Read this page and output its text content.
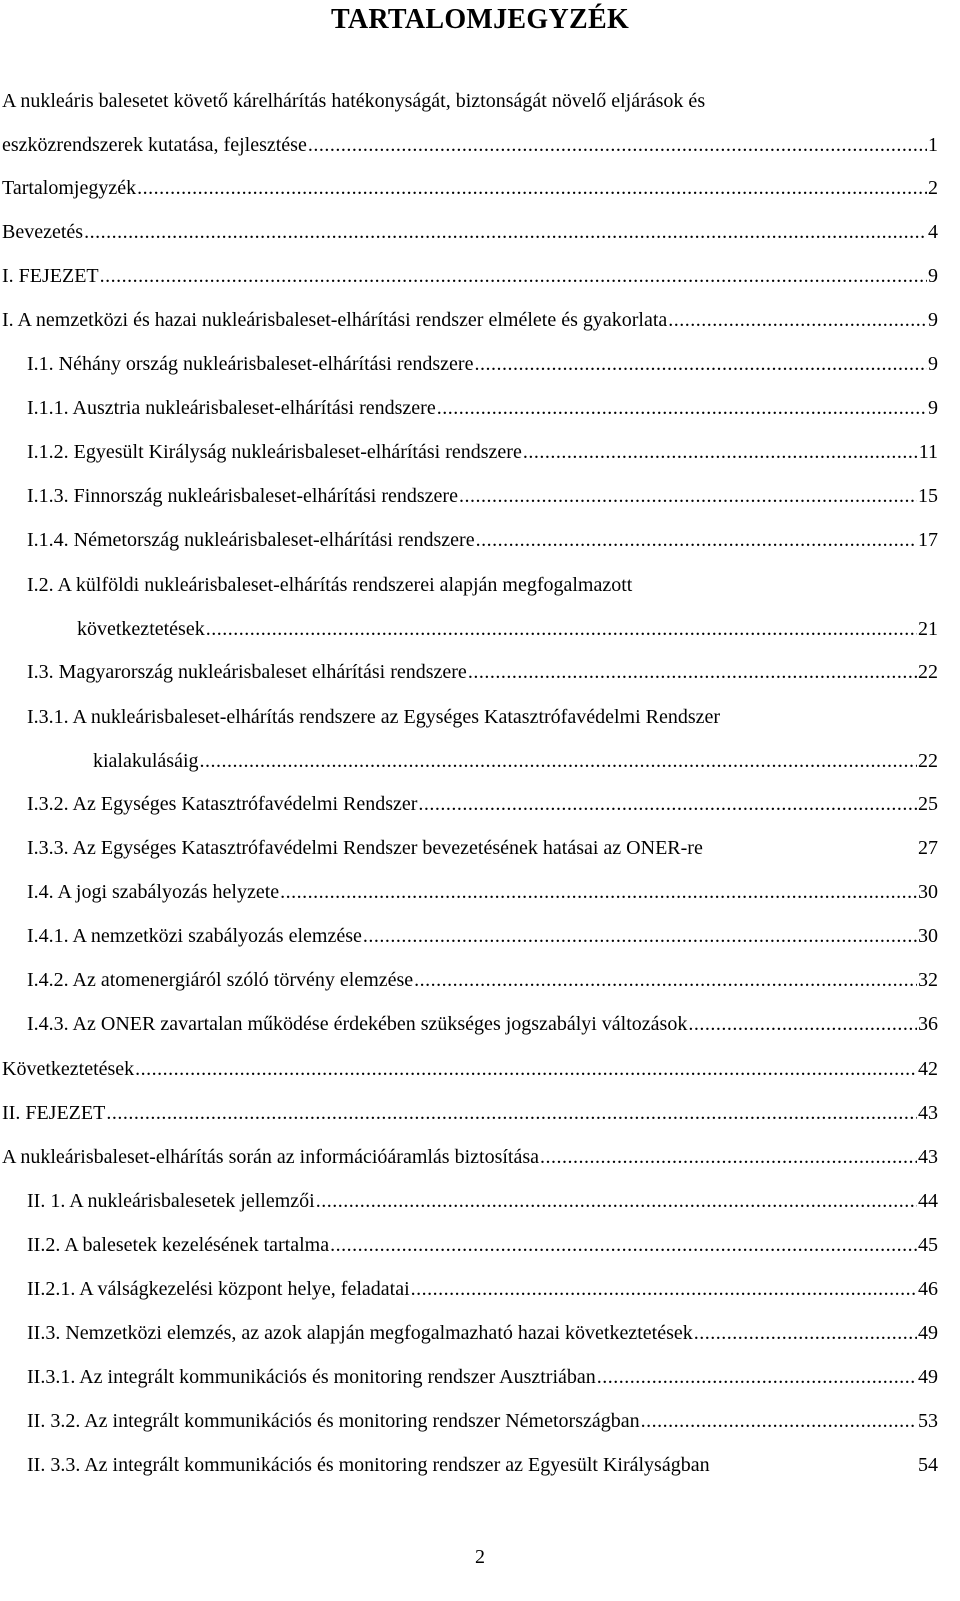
TARTALOMJEGYZÉK
A nukleáris balesetet követő kárelhárítás hatékonyságát, biztonságát növelő eljárások és
eszközrendszerek kutatása, fejlesztése .....	1
Tartalomjegyzék .....	2
Bevezetés .....	4
I. FEJEZET .....	9
I. A nemzetközi és hazai nukleárisbaleset-elhárítási rendszer elmélete és gyakorlata .....	9
I.1. Néhány ország nukleárisbaleset-elhárítási rendszere .....	9
I.1.1. Ausztria nukleárisbaleset-elhárítási rendszere .....	9
I.1.2. Egyesült Királyság nukleárisbaleset-elhárítási rendszere .....	11
I.1.3. Finnország nukleárisbaleset-elhárítási rendszere .....	15
I.1.4. Németország nukleárisbaleset-elhárítási rendszere .....	17
I.2. A külföldi nukleárisbaleset-elhárítás rendszerei alapján megfogalmazott
következtetések .....	21
I.3. Magyarország nukleárisbaleset elhárítási rendszere .....	22
I.3.1. A nukleárisbaleset-elhárítás rendszere az Egységes Katasztrófavédelmi Rendszer
kialakulásáig .....	22
I.3.2. Az Egységes Katasztrófavédelmi Rendszer .....	25
I.3.3. Az Egységes Katasztrófavédelmi Rendszer bevezetésének hatásai az ONER-re	27
I.4. A jogi szabályozás helyzete .....	30
I.4.1. A nemzetközi szabályozás elemzése .....	30
I.4.2. Az atomenergiáról szóló törvény elemzése .....	32
I.4.3. Az ONER zavartalan működése érdekében szükséges jogszabályi változások .....	36
Következtetések .....	42
II. FEJEZET .....	43
A nukleárisbaleset-elhárítás során az információáramlás biztosítása .....	43
II. 1. A nukleárisbalesetek jellemzői .....	44
II.2. A balesetek kezelésének tartalma .....	45
II.2.1. A válságkezelési központ helye, feladatai .....	46
II.3. Nemzetközi elemzés, az azok alapján megfogalmazható hazai következtetések .....	49
II.3.1. Az integrált kommunikációs és monitoring rendszer Ausztriában .....	49
II. 3.2. Az integrált kommunikációs és monitoring rendszer Németországban .....	53
II. 3.3. Az integrált kommunikációs és monitoring rendszer az Egyesült Királyságban	54
2
